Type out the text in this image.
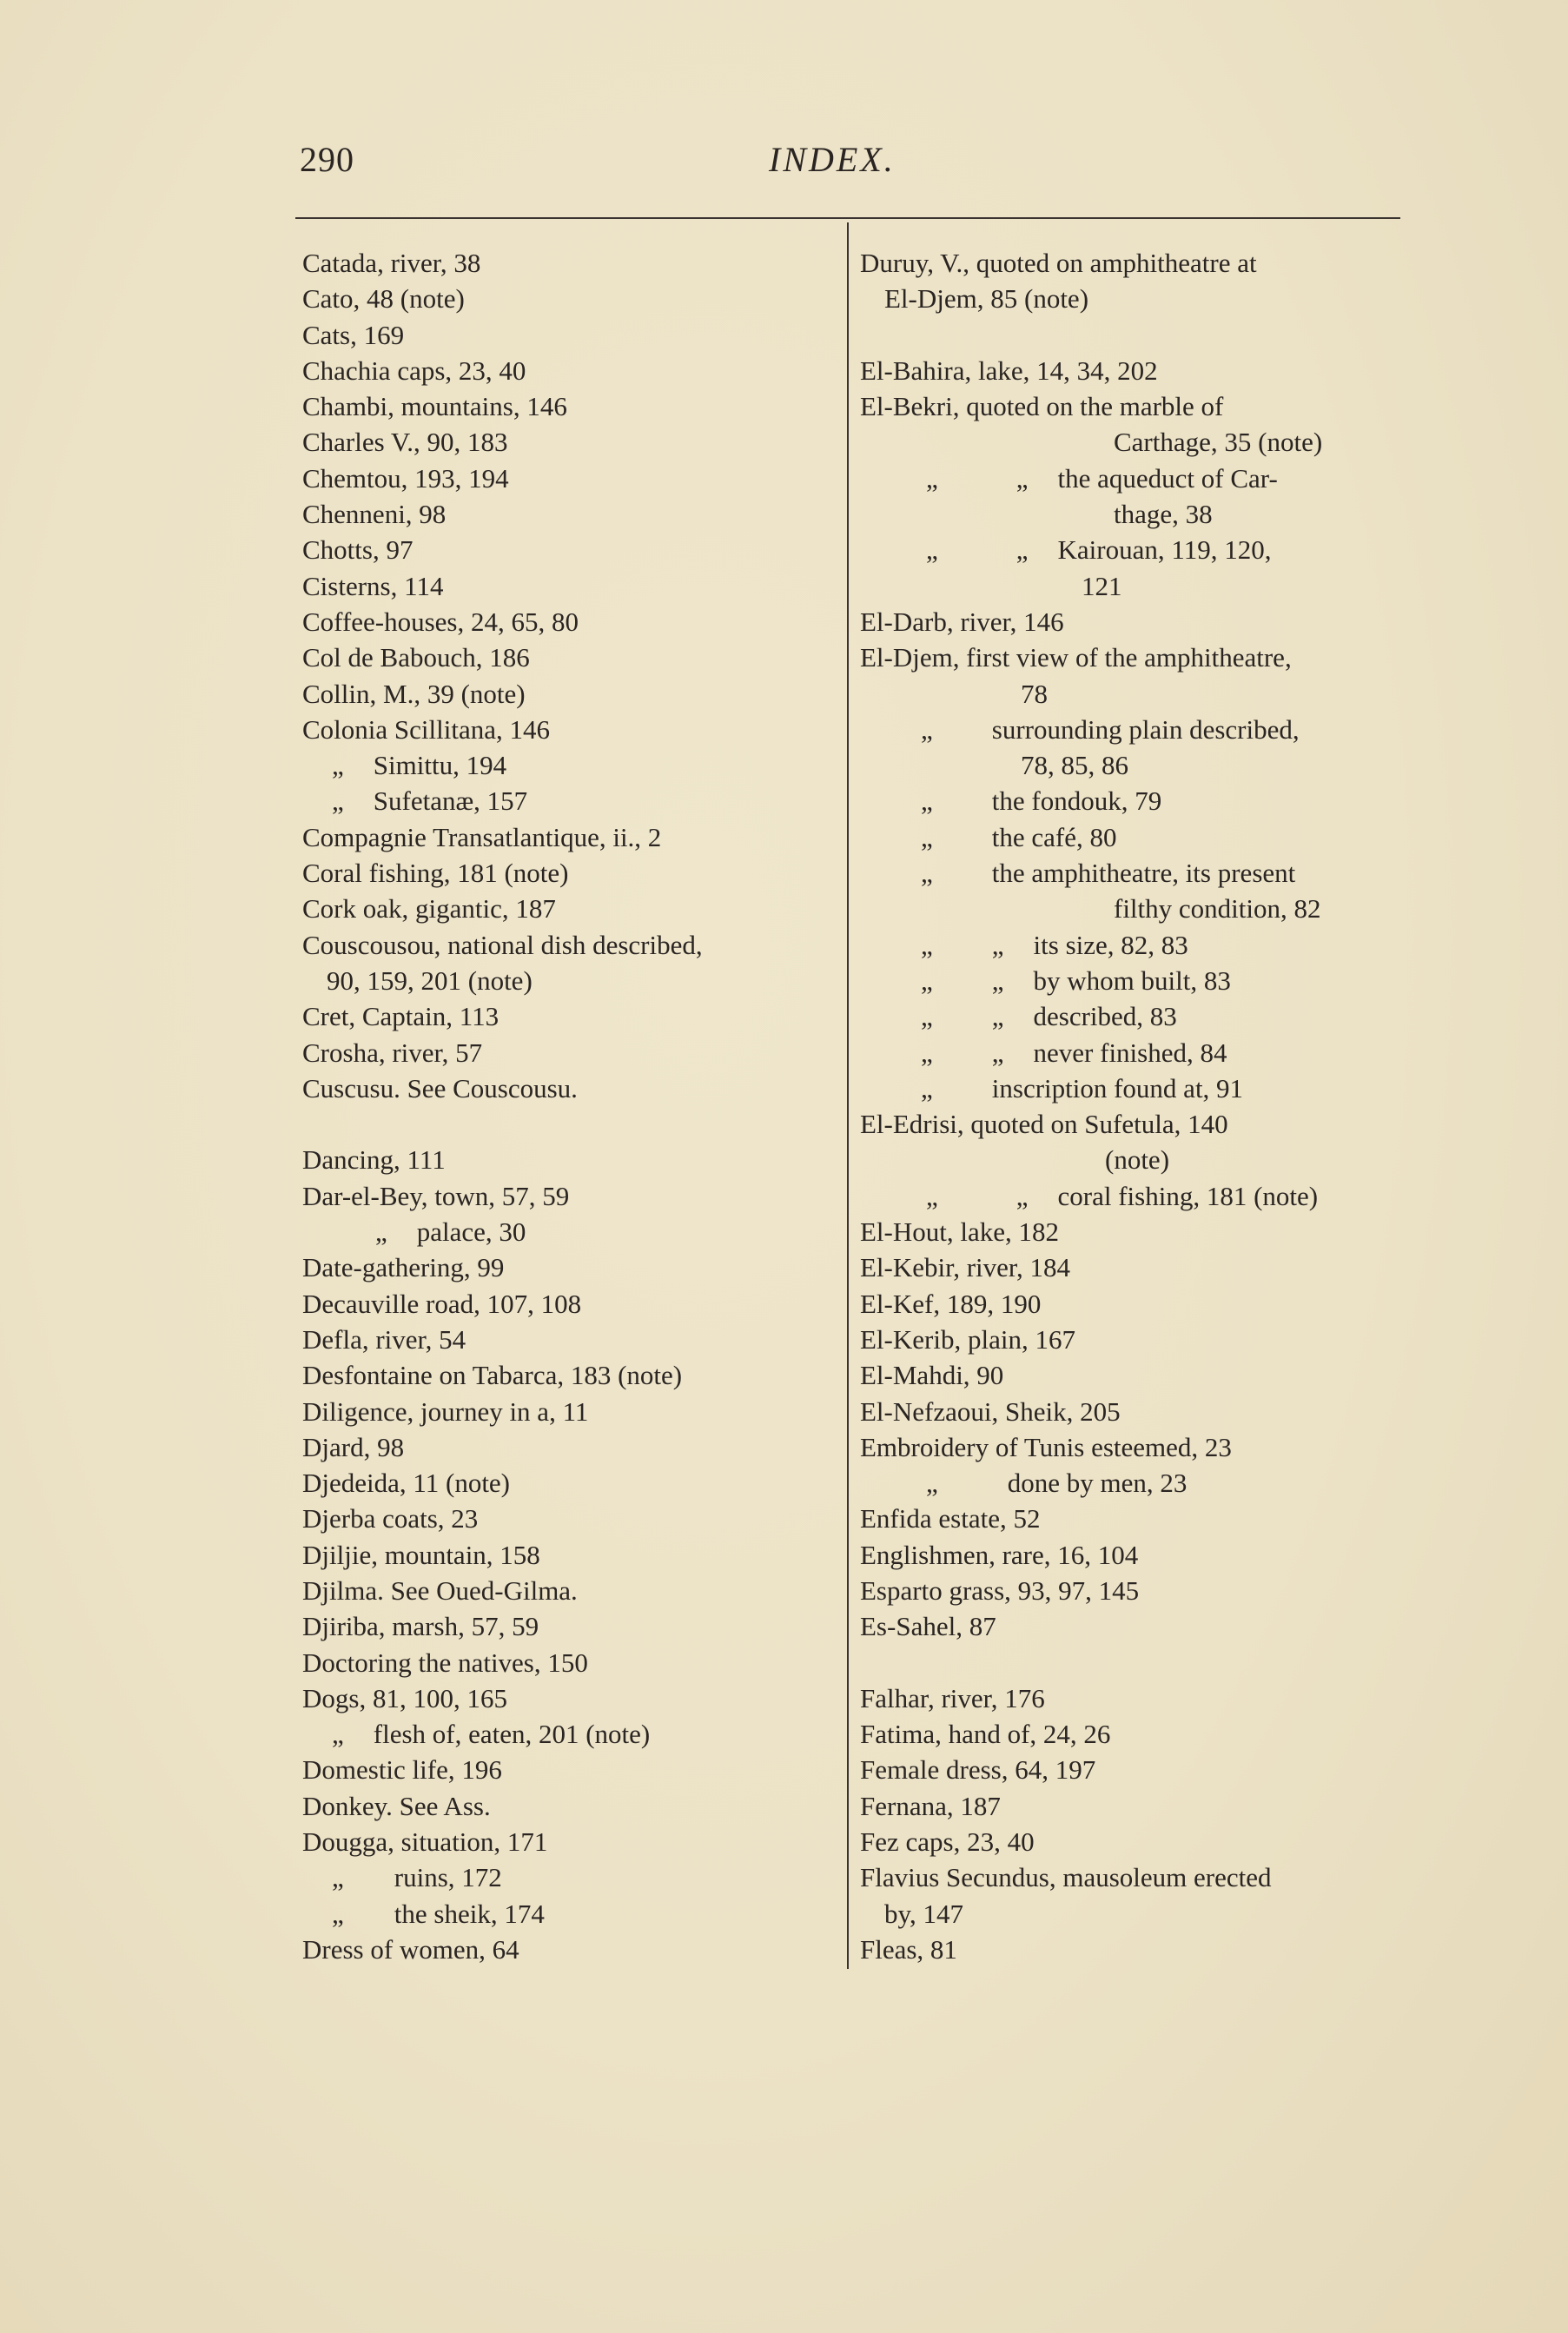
290	INDEX.
Catada, river, 38
Cato, 48 (note)
Cats, 169
Chachia caps, 23, 40
Chambi, mountains, 146
Charles V., 90, 183
Chemtou, 193, 194
Chenneni, 98
Chotts, 97
Cisterns, 114
Coffee-houses, 24, 65, 80
Col de Babouch, 186
Collin, M., 39 (note)
Colonia Scillitana, 146
„ Simittu, 194
„ Sufetanæ, 157
Compagnie Transatlantique, ii., 2
Coral fishing, 181 (note)
Cork oak, gigantic, 187
Couscousou, national dish described,
90, 159, 201 (note)
Cret, Captain, 113
Crosha, river, 57
Cuscusu. See Couscousu.
Dancing, 111
Dar-el-Bey, town, 57, 59
„ palace, 30
Date-gathering, 99
Decauville road, 107, 108
Defla, river, 54
Desfontaine on Tabarca, 183 (note)
Diligence, journey in a, 11
Djard, 98
Djedeida, 11 (note)
Djerba coats, 23
Djiljie, mountain, 158
Djilma. See Oued-Gilma.
Djiriba, marsh, 57, 59
Doctoring the natives, 150
Dogs, 81, 100, 165
„ flesh of, eaten, 201 (note)
Domestic life, 196
Donkey. See Ass.
Dougga, situation, 171
„ ruins, 172
„ the sheik, 174
Dress of women, 64
Duruy, V., quoted on amphitheatre at
El-Djem, 85 (note)
El-Bahira, lake, 14, 34, 202
El-Bekri, quoted on the marble of
Carthage, 35 (note)
„	„ the aqueduct of Car-
thage, 38
„	„ Kairouan, 119, 120,
121
El-Darb, river, 146
El-Djem, first view of the amphitheatre,
78
„ surrounding plain described,
78, 85, 86
„ the fondouk, 79
„ the café, 80
„ the amphitheatre, its present
filthy condition, 82
„ „ its size, 82, 83
„ „ by whom built, 83
„ „ described, 83
„ „ never finished, 84
„ inscription found at, 91
El-Edrisi, quoted on Sufetula, 140
(note)
„	„ coral fishing, 181 (note)
El-Hout, lake, 182
El-Kebir, river, 184
El-Kef, 189, 190
El-Kerib, plain, 167
El-Mahdi, 90
El-Nefzaoui, Sheik, 205
Embroidery of Tunis esteemed, 23
„	done by men, 23
Enfida estate, 52
Englishmen, rare, 16, 104
Esparto grass, 93, 97, 145
Es-Sahel, 87
Falhar, river, 176
Fatima, hand of, 24, 26
Female dress, 64, 197
Fernana, 187
Fez caps, 23, 40
Flavius Secundus, mausoleum erected
by, 147
Fleas, 81
